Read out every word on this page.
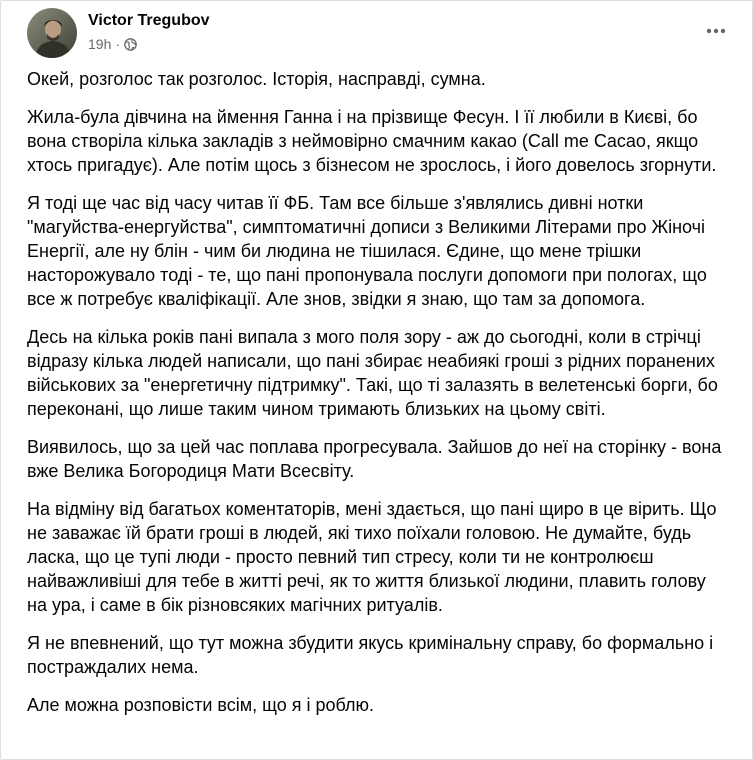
Victor Tregubov
19h ·

Окей, розголос так розголос. Історія, насправді, сумна.

Жила-була дівчина на ймення Ганна і на прізвище Фесун. І її любили в Києві, бо вона створіла кілька закладів з неймовірно смачним какао (Call me Cacao, якщо хтось пригадує). Але потім щось з бізнесом не зрослось, і його довелось згорнути.

Я тоді ще час від часу читав її ФБ. Там все більше з'являлись дивні нотки "магуйства-енергуйства", симптоматичні дописи з Великими Літерами про Жіночі Енергії, але ну блін - чим би людина не тішилася. Єдине, що мене трішки насторожувало тоді - те, що пані пропонувала послуги допомоги при пологах, що все ж потребує кваліфікації. Але знов, звідки я знаю, що там за допомога.

Десь на кілька років пані випала з мого поля зору - аж до сьогодні, коли в стрічці відразу кілька людей написали, що пані збирає неабиякі гроші з рідних поранених військових за "енергетичну підтримку". Такі, що ті залазять в велетенські борги, бо переконані, що лише таким чином тримають близьких на цьому світі.

Виявилось, що за цей час поплава прогресувала. Зайшов до неї на сторінку - вона вже Велика Богородиця Мати Всесвіту.

На відміну від багатьох коментаторів, мені здається, що пані щиро в це вірить. Що не заважає їй брати гроші в людей, які тихо поїхали головою. Не думайте, будь ласка, що це тупі люди - просто певний тип стресу, коли ти не контролюєш найважливіші для тебе в житті речі, як то життя близької людини, плавить голову на ура, і саме в бік різновсяких магічних ритуалів.

Я не впевнений, що тут можна збудити якусь кримінальну справу, бо формально і постраждалих нема.

Але можна розповісти всім, що я і роблю.
